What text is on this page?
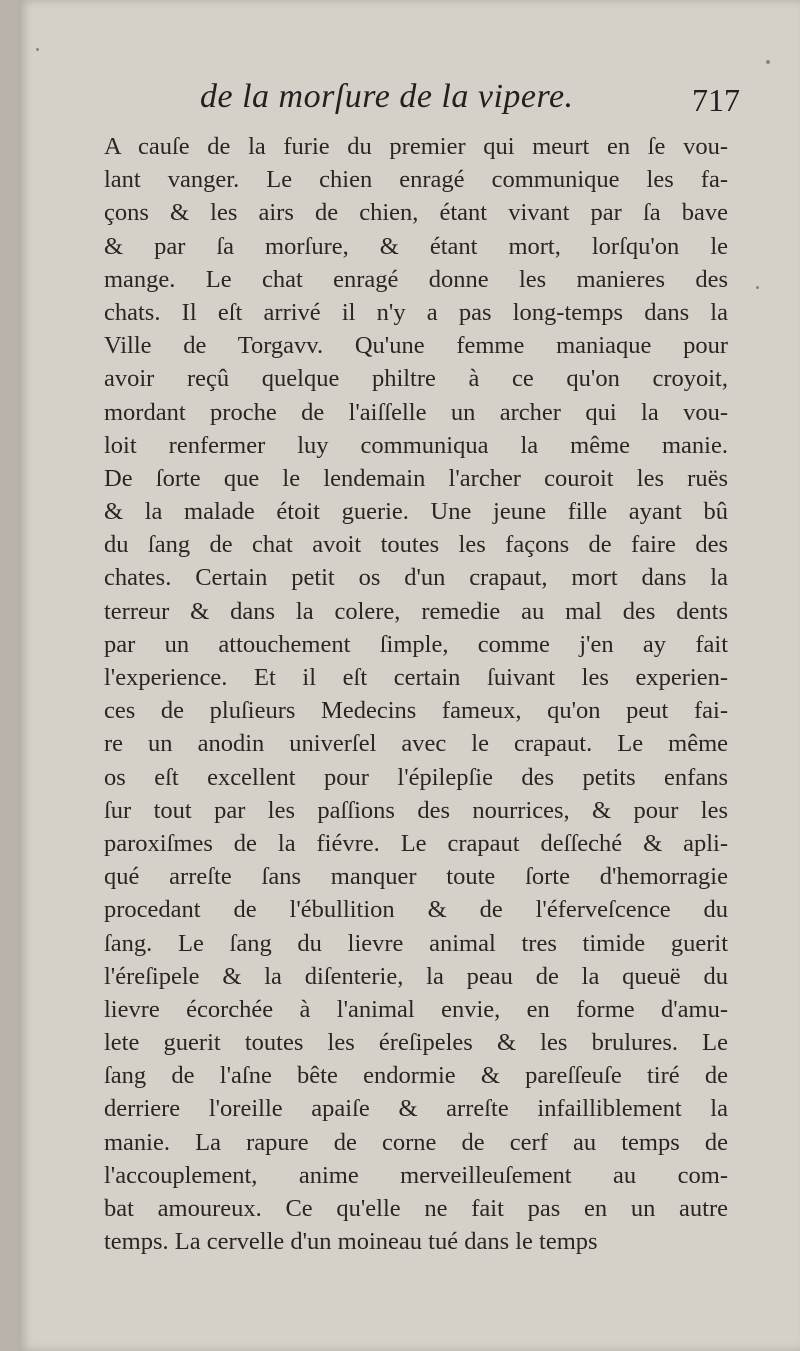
de la morſure de la vipere.	717
A cauſe de la furie du premier qui meurt en ſe vou-
lant vanger. Le chien enragé communique les fa-
çons & les airs de chien, étant vivant par ſa bave
& par ſa morſure, & étant mort, lorſqu'on le
mange. Le chat enragé donne les manieres des
chats. Il eſt arrivé il n'y a pas long-temps dans la
Ville de Torgavv. Qu'une femme maniaque pour
avoir reçû quelque philtre à ce qu'on croyoit,
mordant proche de l'aiſſelle un archer qui la vou-
loit renfermer luy communiqua la même manie.
De ſorte que le lendemain l'archer couroit les ruës
& la malade étoit guerie. Une jeune fille ayant bû
du ſang de chat avoit toutes les façons de faire des
chates. Certain petit os d'un crapaut, mort dans la
terreur & dans la colere, remedie au mal des dents
par un attouchement ſimple, comme j'en ay fait
l'experience. Et il eſt certain ſuivant les experien-
ces de pluſieurs Medecins fameux, qu'on peut fai-
re un anodin univerſel avec le crapaut. Le même
os eſt excellent pour l'épilepſie des petits enfans
ſur tout par les paſſions des nourrices, & pour les
paroxiſmes de la fiévre. Le crapaut deſſeché & apli-
qué arreſte ſans manquer toute ſorte d'hemorragie
procedant de l'ébullition & de l'éferveſcence du
ſang. Le ſang du lievre animal tres timide guerit
l'éreſipele & la diſenterie, la peau de la queuë du
lievre écorchée à l'animal envie, en forme d'amu-
lete guerit toutes les éreſipeles & les brulures. Le
ſang de l'aſne bête endormie & pareſſeuſe tiré de
derriere l'oreille apaiſe & arreſte infailliblement la
manie. La rapure de corne de cerf au temps de
l'accouplement, anime merveilleuſement au com-
bat amoureux. Ce qu'elle ne fait pas en un autre
temps. La cervelle d'un moineau tué dans le temps
